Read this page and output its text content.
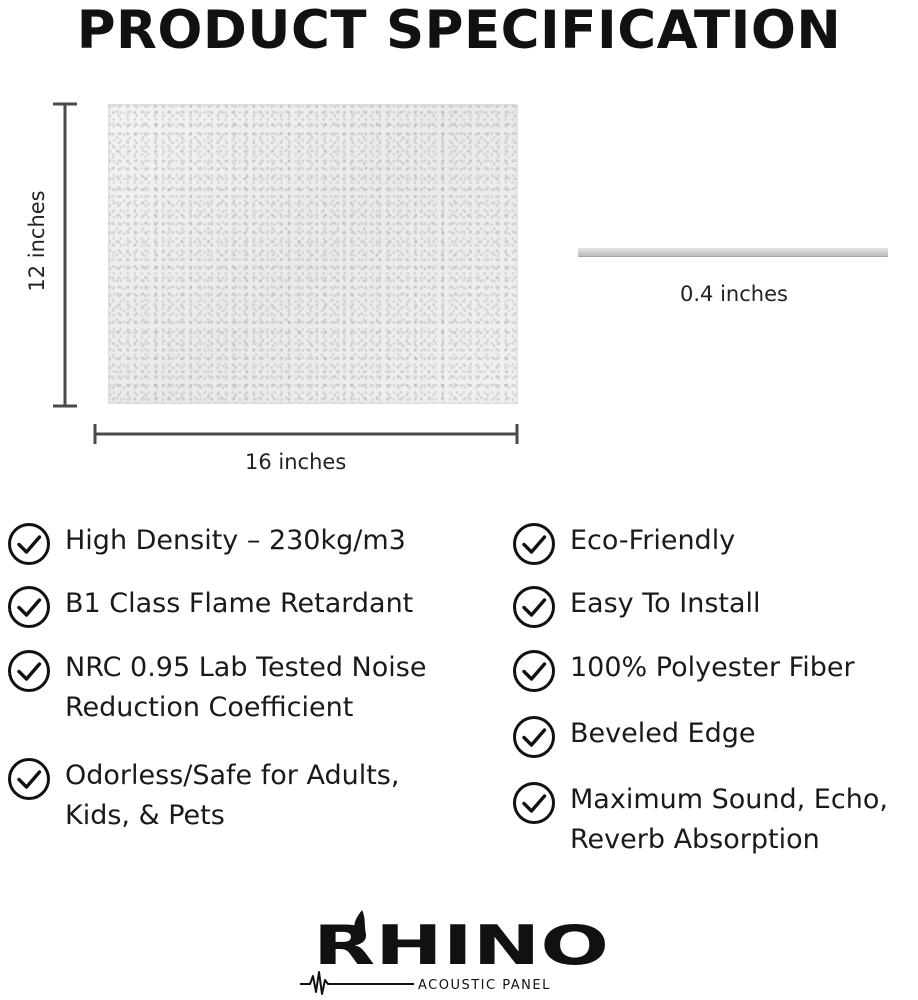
PRODUCT SPECIFICATION
12 inches
16 inches
0.4 inches
High Density – 230kg/m3
B1 Class Flame Retardant
NRC 0.95 Lab Tested Noise
Reduction Coefficient
Odorless/Safe for Adults,
Kids, & Pets
Eco-Friendly
Easy To Install
100% Polyester Fiber
Beveled Edge
Maximum Sound, Echo,
Reverb Absorption
RHINO
ACOUSTIC PANEL
